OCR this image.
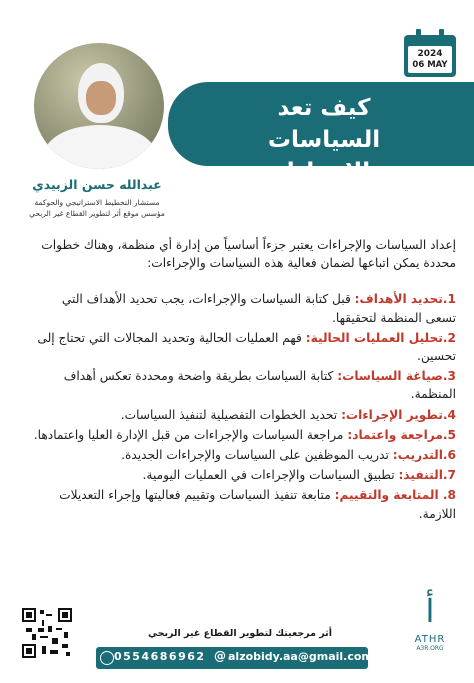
2024
06 MAY
كيف تعد
السياسات والاجراءات
؟
عبدالله حسن الزبيدي
مستشار التخطيط الاستراتيجي والحوكمة
مؤسس موقع أثر لتطوير القطاع غير الربحي

إعداد السياسات والإجراءات يعتبر جزءاً أساسياً من إدارة أي منظمة، وهناك خطوات محددة يمكن اتباعها لضمان فعالية هذه السياسات والإجراءات:

1.تحديد الأهداف: قبل كتابة السياسات والإجراءات، يجب تحديد الأهداف التي تسعى المنظمة لتحقيقها.

2.تحليل العمليات الحالية: فهم العمليات الحالية وتحديد المجالات التي تحتاج إلى تحسين.

3.صياغة السياسات: كتابة السياسات بطريقة واضحة ومحددة تعكس أهداف المنظمة.

4.تطوير الإجراءات: تحديد الخطوات التفصيلية لتنفيذ السياسات.

5.مراجعة واعتماد: مراجعة السياسات والإجراءات من قبل الإدارة العليا واعتمادها.

6.التدريب: تدريب الموظفين على السياسات والإجراءات الجديدة.

7.التنفيذ: تطبيق السياسات والإجراءات في العمليات اليومية.

8. المتابعة والتقييم: متابعة تنفيذ السياسات وتقييم فعاليتها وإجراء التعديلات اللازمة.

أثر مرجعيتك لتطوير القطاع غير الربحي
0554686962 @ alzobidy.aa@gmail.com
ﺃ
ATHR
A3R.ORG
